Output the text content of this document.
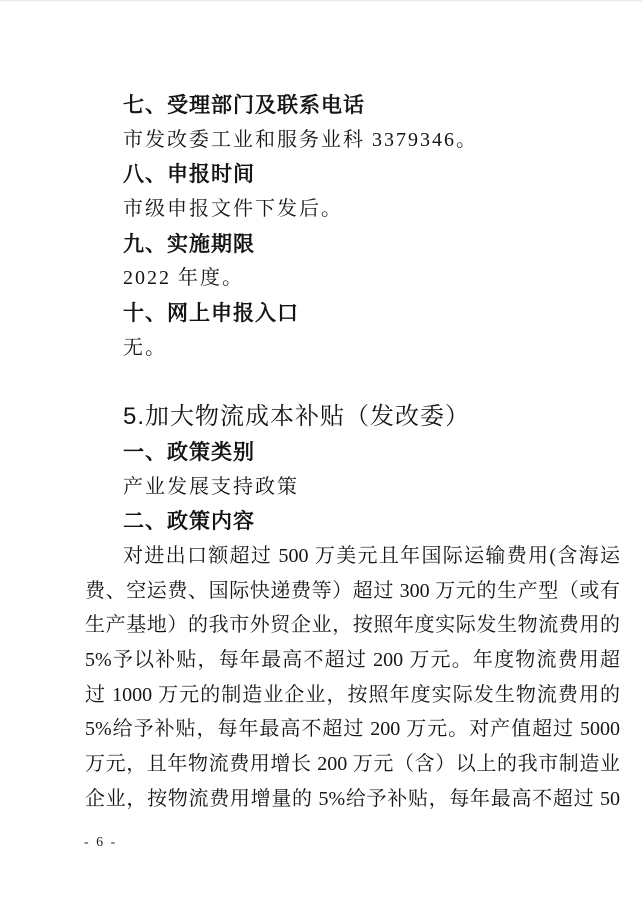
七、受理部门及联系电话
市发改委工业和服务业科 3379346。
八、申报时间
市级申报文件下发后。
九、实施期限
2022 年度。
十、网上申报入口
无。
5.加大物流成本补贴（发改委）
一、政策类别
产业发展支持政策
二、政策内容
对进出口额超过 500 万美元且年国际运输费用(含海运
费、空运费、国际快递费等）超过 300 万元的生产型（或有
生产基地）的我市外贸企业，按照年度实际发生物流费用的
5%予以补贴，每年最高不超过 200 万元。年度物流费用超
过 1000 万元的制造业企业，按照年度实际发生物流费用的
5%给予补贴，每年最高不超过 200 万元。对产值超过 5000
万元，且年物流费用增长 200 万元（含）以上的我市制造业
企业，按物流费用增量的 5%给予补贴，每年最高不超过 50
- 6 -
